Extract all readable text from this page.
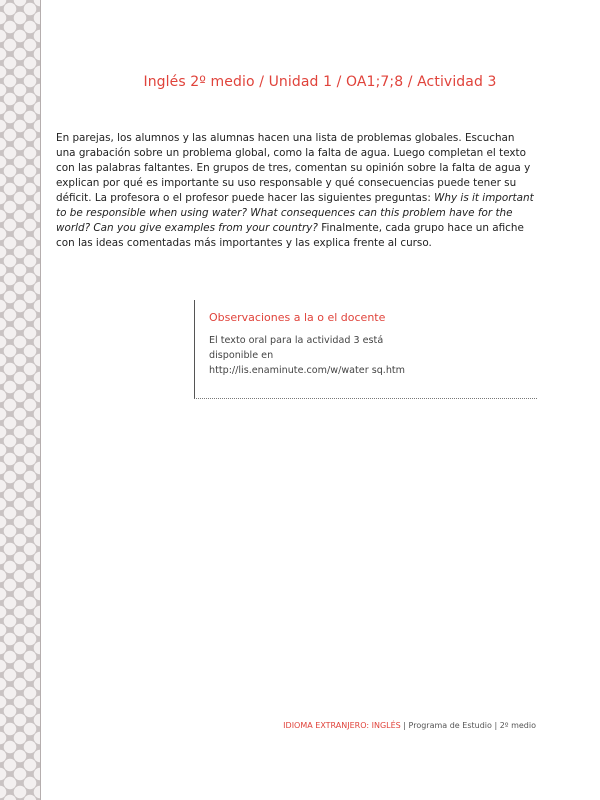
Inglés 2º medio / Unidad 1 / OA1;7;8 / Actividad 3
En parejas, los alumnos y las alumnas hacen una lista de problemas globales. Escuchan una grabación sobre un problema global, como la falta de agua. Luego completan el texto con las palabras faltantes. En grupos de tres, comentan su opinión sobre la falta de agua y explican por qué es importante su uso responsable y qué consecuencias puede tener su déficit. La profesora o el profesor puede hacer las siguientes preguntas: Why is it important to be responsible when using water? What consequences can this problem have for the world? Can you give examples from your country? Finalmente, cada grupo hace un afiche con las ideas comentadas más importantes y las explica frente al curso.
Observaciones a la o el docente
El texto oral para la actividad 3 está
disponible en
http://lis.enaminute.com/w/water sq.htm
IDIOMA EXTRANJERO: INGLÉS | Programa de Estudio | 2º medio
